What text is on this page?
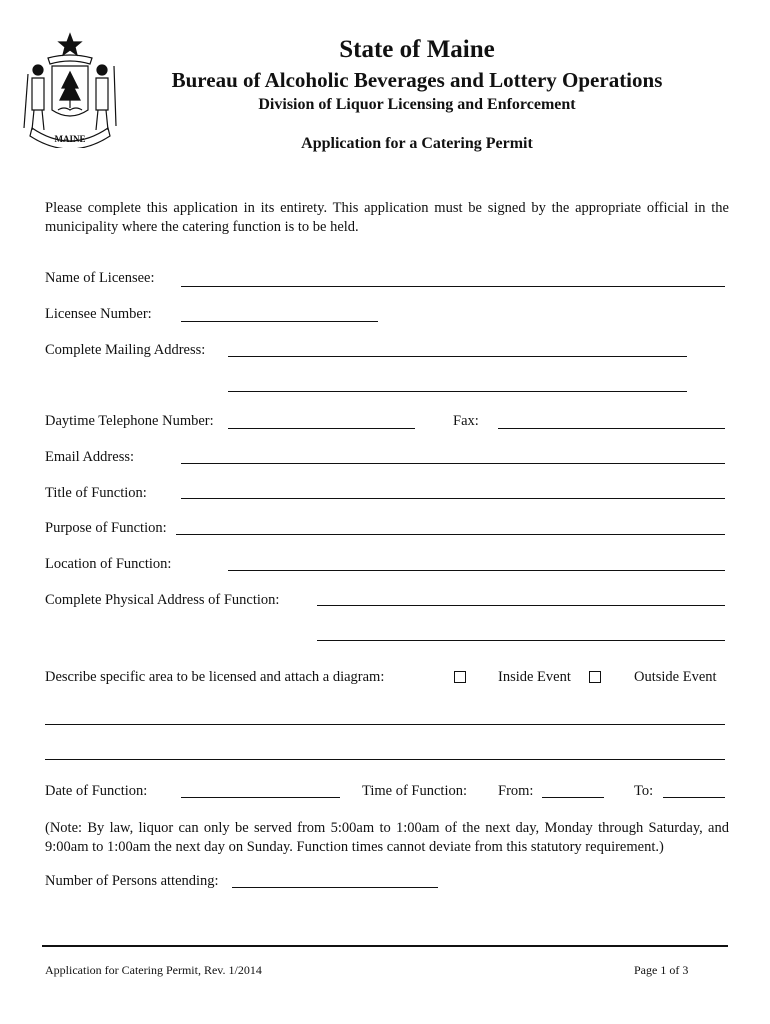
MAINE
State of Maine
Bureau of Alcoholic Beverages and Lottery Operations
Division of Liquor Licensing and Enforcement
Application for a Catering Permit
Please complete this application in its entirety. This application must be signed by the appropriate official in the municipality where the catering function is to be held.
Name of Licensee:
Licensee Number:
Complete Mailing Address:
Daytime Telephone Number:	Fax:
Email Address:
Title of Function:
Purpose of Function:
Location of Function:
Complete Physical Address of Function:
Describe specific area to be licensed and attach a diagram:	Inside Event	Outside Event
Date of Function:	Time of Function: From:	To:
(Note: By law, liquor can only be served from 5:00am to 1:00am of the next day, Monday through Saturday, and 9:00am to 1:00am the next day on Sunday. Function times cannot deviate from this statutory requirement.)
Number of Persons attending:
Application for Catering Permit, Rev. 1/2014	Page 1 of 3
